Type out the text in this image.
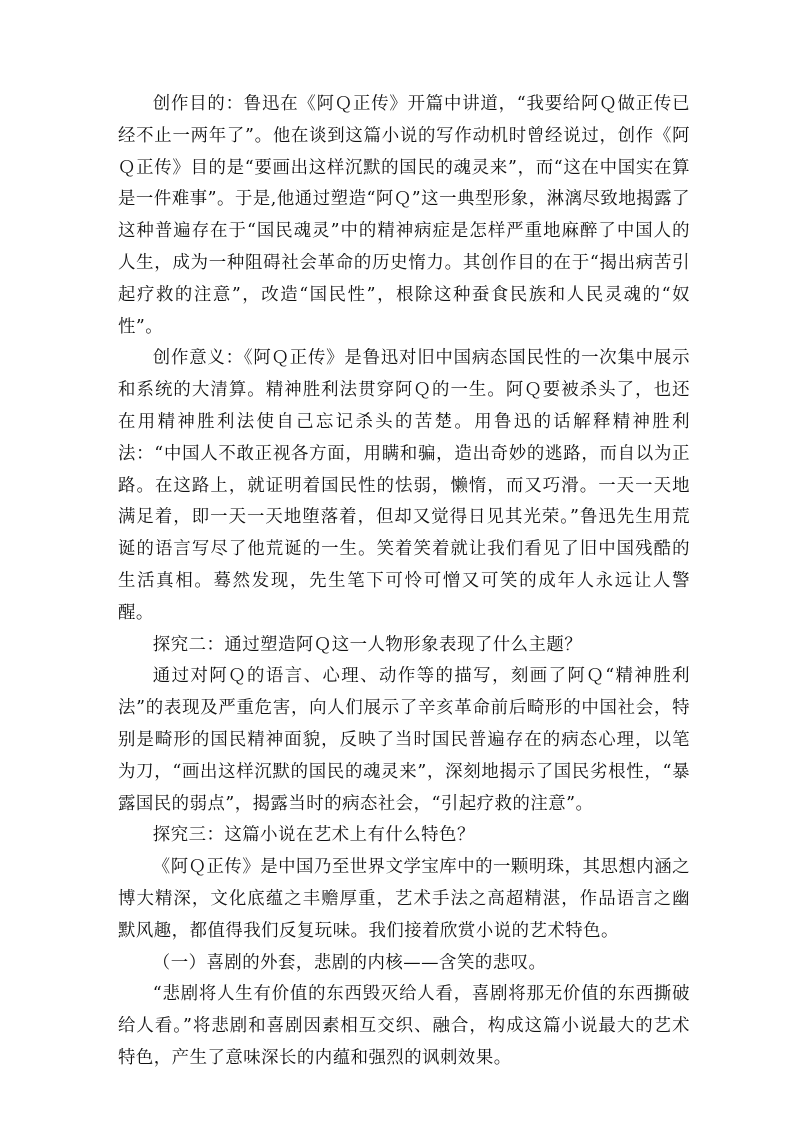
创作目的：鲁迅在《阿Ｑ正传》开篇中讲道，“我要给阿Ｑ做正传已经不止一两年了”。他在谈到这篇小说的写作动机时曾经说过，创作《阿Ｑ正传》目的是“要画出这样沉默的国民的魂灵来”，而“这在中国实在算是一件难事”。于是,他通过塑造“阿Ｑ”这一典型形象，淋漓尽致地揭露了这种普遍存在于“国民魂灵”中的精神病症是怎样严重地麻醉了中国人的人生，成为一种阻碍社会革命的历史惰力。其创作目的在于“揭出病苦引起疗救的注意”，改造“国民性”，根除这种蚕食民族和人民灵魂的“奴性”。

创作意义：《阿Ｑ正传》是鲁迅对旧中国病态国民性的一次集中展示和系统的大清算。精神胜利法贯穿阿Ｑ的一生。阿Ｑ要被杀头了，也还在用精神胜利法使自己忘记杀头的苦楚。用鲁迅的话解释精神胜利法：“中国人不敢正视各方面，用瞒和骗，造出奇妙的逃路，而自以为正路。在这路上，就证明着国民性的怯弱，懒惰，而又巧滑。一天一天地满足着，即一天一天地堕落着，但却又觉得日见其光荣。”鲁迅先生用荒诞的语言写尽了他荒诞的一生。笑着笑着就让我们看见了旧中国残酷的生活真相。蓦然发现，先生笔下可怜可憎又可笑的成年人永远让人警醒。

探究二：通过塑造阿Ｑ这一人物形象表现了什么主题？

通过对阿Ｑ的语言、心理、动作等的描写，刻画了阿Ｑ“精神胜利法”的表现及严重危害，向人们展示了辛亥革命前后畸形的中国社会，特别是畸形的国民精神面貌，反映了当时国民普遍存在的病态心理，以笔为刀，“画出这样沉默的国民的魂灵来”，深刻地揭示了国民劣根性，“暴露国民的弱点”，揭露当时的病态社会，“引起疗救的注意”。

探究三：这篇小说在艺术上有什么特色？

《阿Ｑ正传》是中国乃至世界文学宝库中的一颗明珠，其思想内涵之博大精深，文化底蕴之丰赡厚重，艺术手法之高超精湛，作品语言之幽默风趣，都值得我们反复玩味。我们接着欣赏小说的艺术特色。

（一）喜剧的外套，悲剧的内核——含笑的悲叹。

“悲剧将人生有价值的东西毁灭给人看，喜剧将那无价值的东西撕破给人看。”将悲剧和喜剧因素相互交织、融合，构成这篇小说最大的艺术特色，产生了意味深长的内蕴和强烈的讽刺效果。
